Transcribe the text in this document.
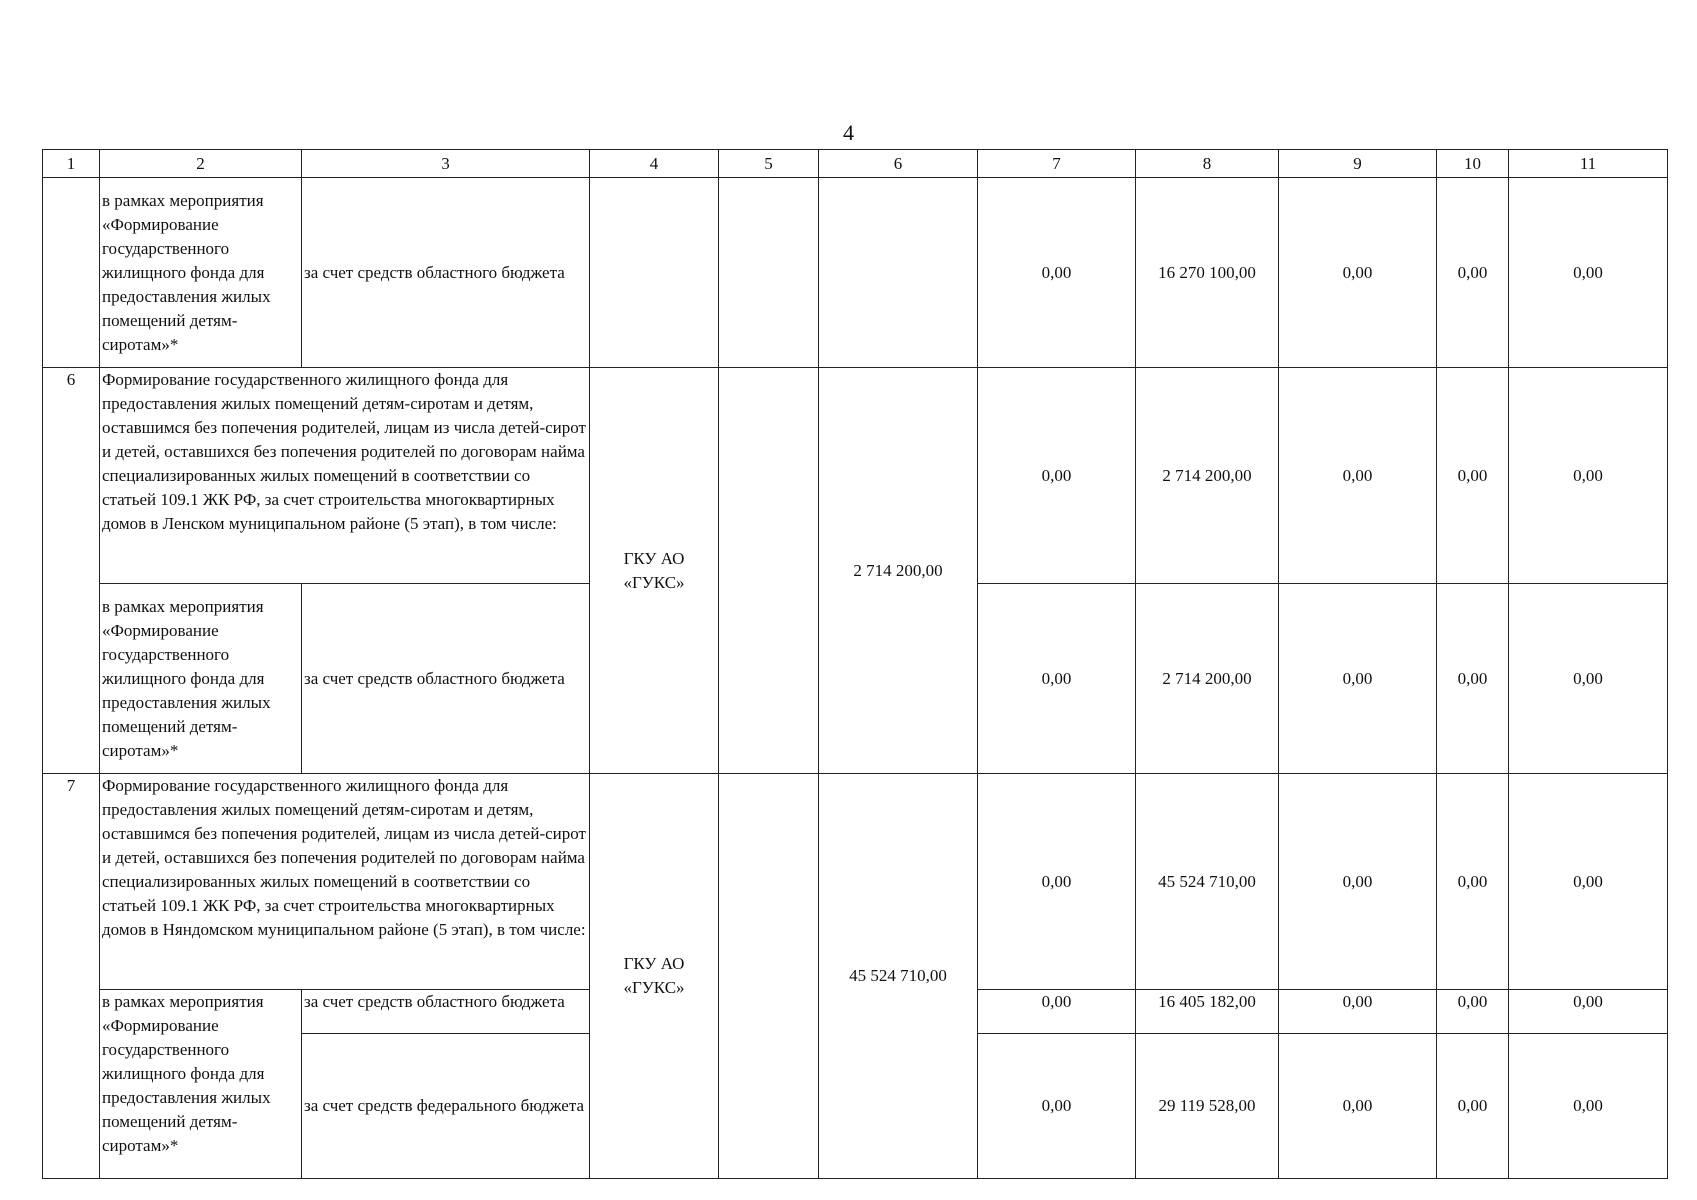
4
1	2	3	4	5	6	7	8	9	10	11
	в рамках мероприятия «Формирование государственного жилищного фонда для предоставления жилых помещений детям-сиротам»*	за счет средств областного бюджета				0,00	16 270 100,00	0,00	0,00	0,00
6	Формирование государственного жилищного фонда для предоставления жилых помещений детям-сиротам и детям, оставшимся без попечения родителей, лицам из числа детей-сирот и детей, оставшихся без попечения родителей по договорам найма специализированных жилых помещений в соответствии со статьей 109.1 ЖК РФ, за счет строительства многоквартирных домов в Ленском муниципальном районе (5 этап), в том числе:		ГКУ АО «ГУКС»		2 714 200,00	0,00	2 714 200,00	0,00	0,00	0,00
	в рамках мероприятия «Формирование государственного жилищного фонда для предоставления жилых помещений детям-сиротам»*	за счет средств областного бюджета				0,00	2 714 200,00	0,00	0,00	0,00
7	Формирование государственного жилищного фонда для предоставления жилых помещений детям-сиротам и детям, оставшимся без попечения родителей, лицам из числа детей-сирот и детей, оставшихся без попечения родителей по договорам найма специализированных жилых помещений в соответствии со статьей 109.1 ЖК РФ, за счет строительства многоквартирных домов в Няндомском муниципальном районе (5 этап), в том числе:		ГКУ АО «ГУКС»		45 524 710,00	0,00	45 524 710,00	0,00	0,00	0,00
	в рамках мероприятия «Формирование государственного жилищного фонда для предоставления жилых помещений детям-сиротам»*	за счет средств областного бюджета				0,00	16 405 182,00	0,00	0,00	0,00
		за счет средств федерального бюджета				0,00	29 119 528,00	0,00	0,00	0,00
